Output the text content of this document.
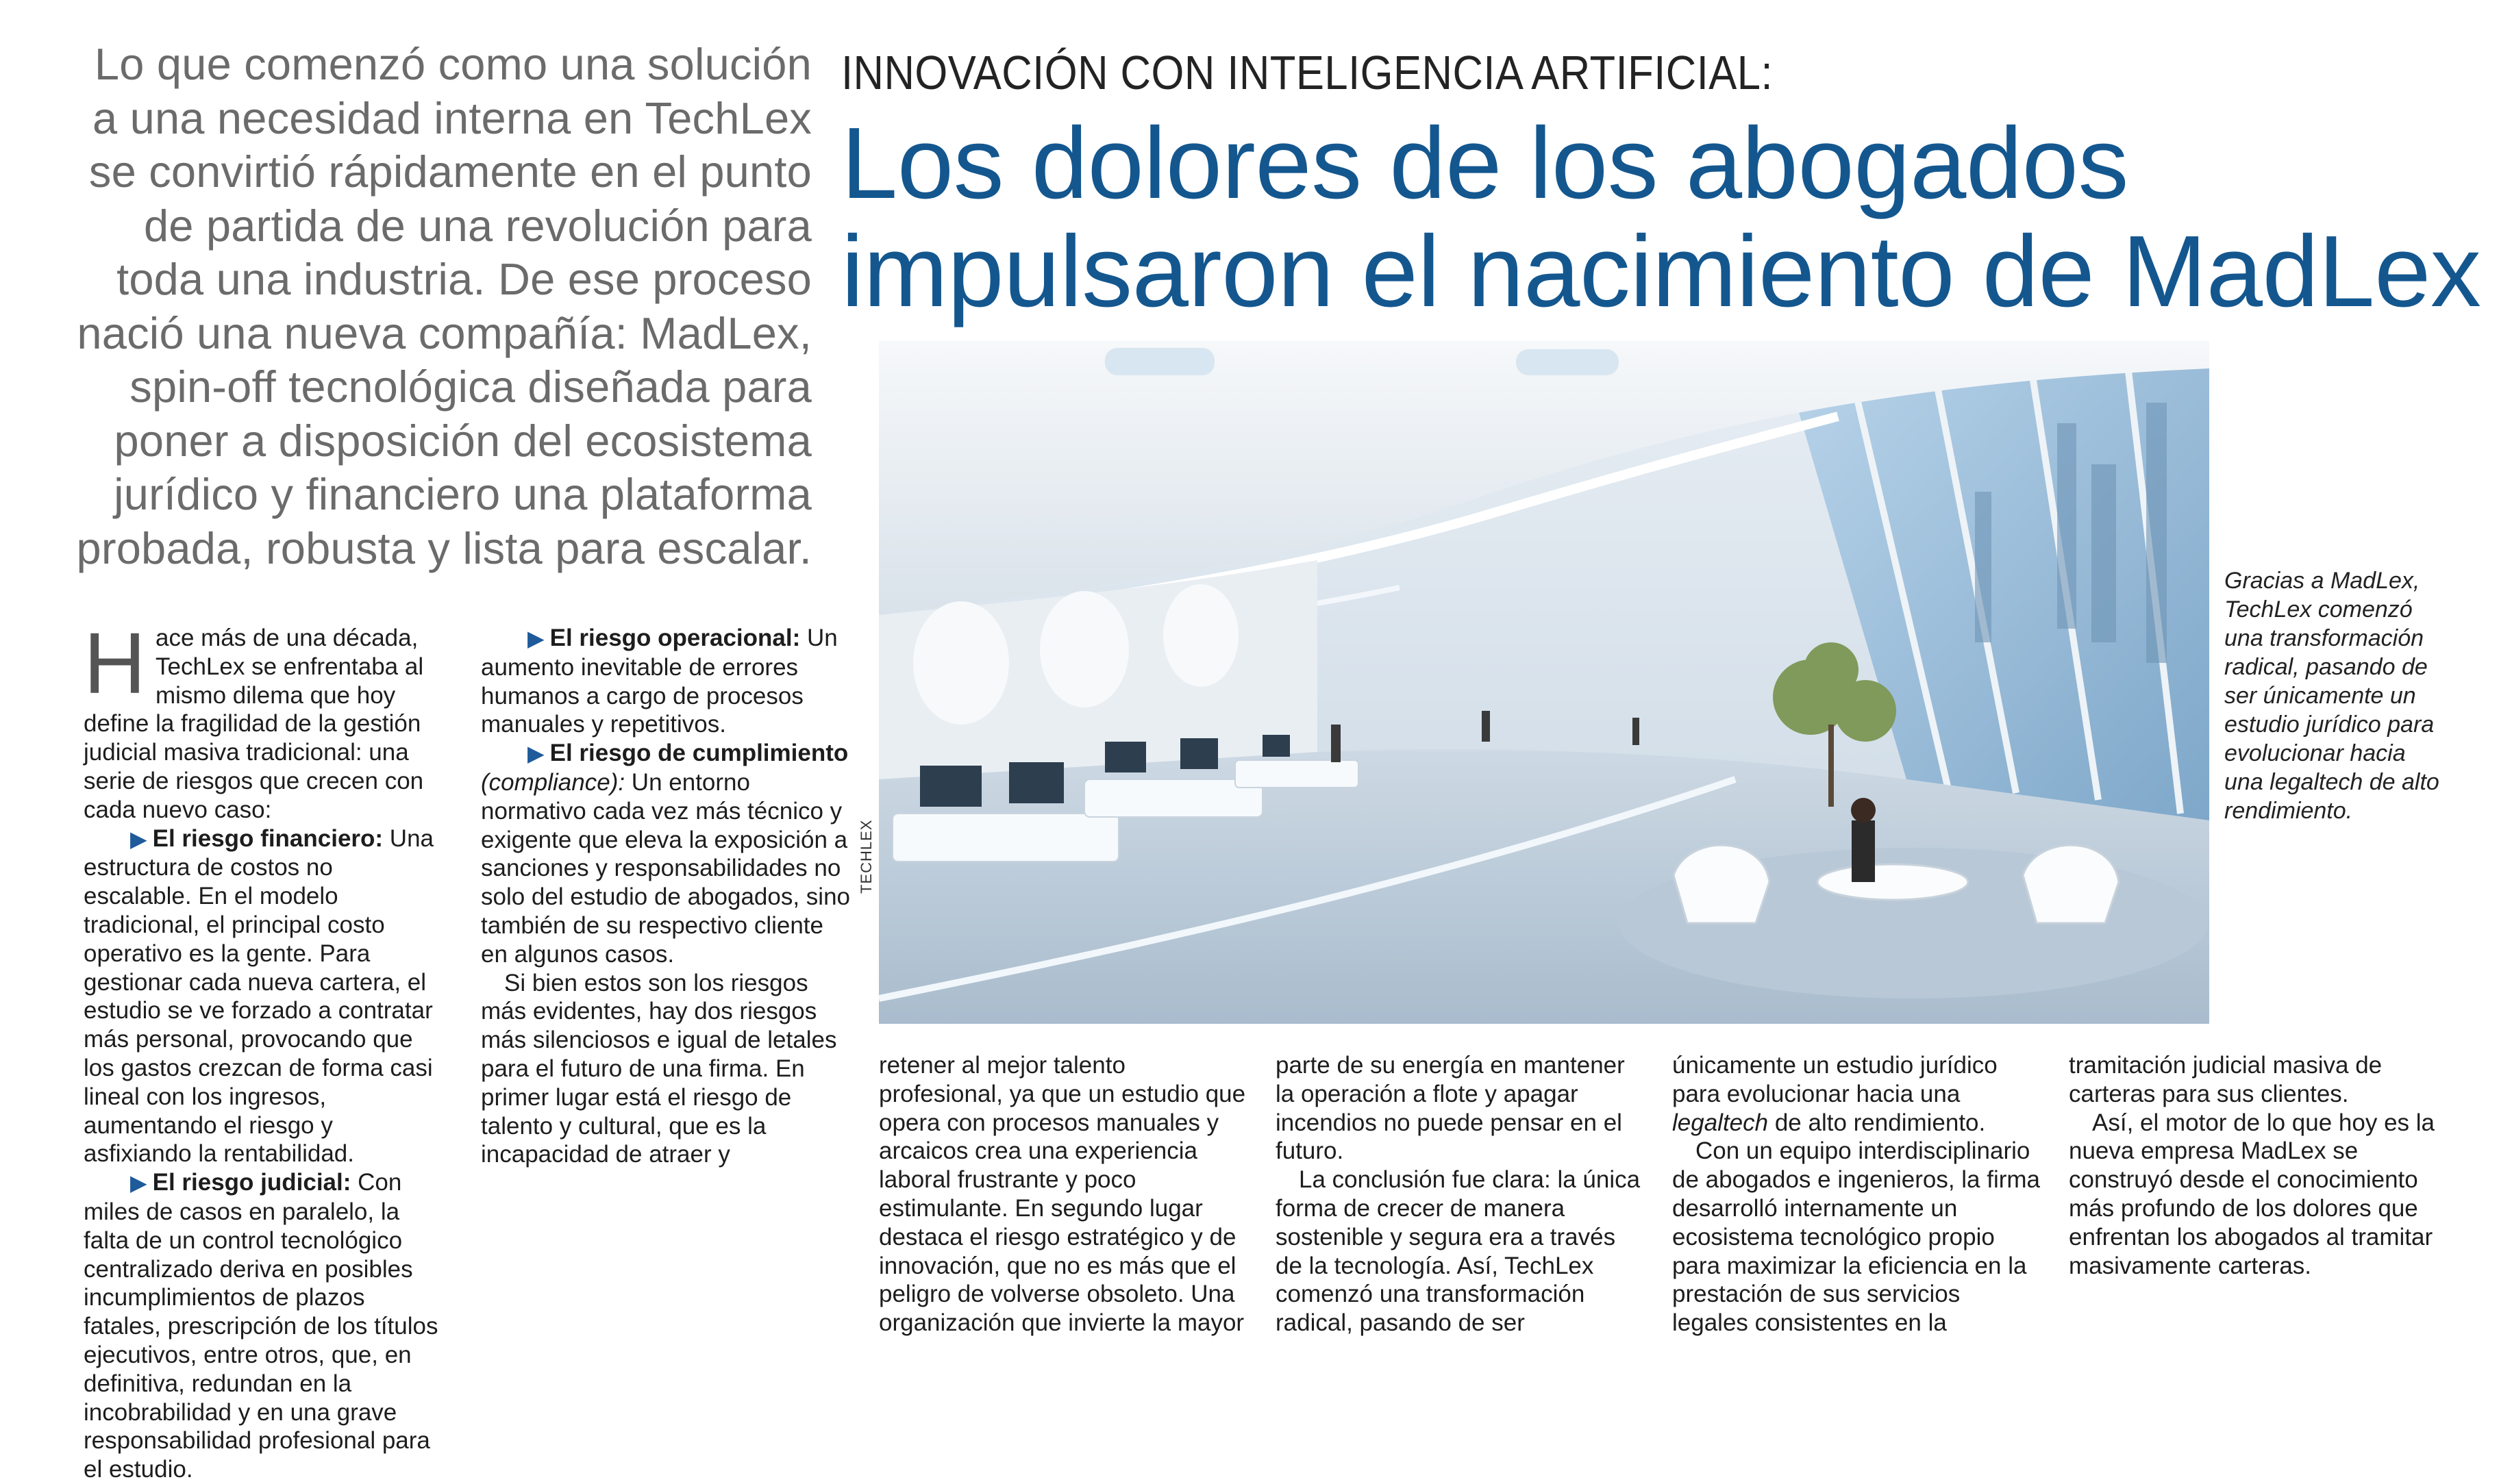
Lo que comenzó como una solución a una necesidad interna en TechLex se convirtió rápidamente en el punto de partida de una revolución para toda una industria. De ese proceso nació una nueva compañía: MadLex, spin-off tecnológica diseñada para poner a disposición del ecosistema jurídico y financiero una plataforma probada, robusta y lista para escalar.
INNOVACIÓN CON INTELIGENCIA ARTIFICIAL:
Los dolores de los abogados
impulsaron el nacimiento de MadLex
TECHLEX
Gracias a MadLex, TechLex comenzó una transformación radical, pasando de ser únicamente un estudio jurídico para evolucionar hacia una legaltech de alto rendimiento.

Hace más de una década, TechLex se enfrentaba al mismo dilema que hoy define la fragilidad de la gestión judicial masiva tradicional: una serie de riesgos que crecen con cada nuevo caso:

▶ El riesgo financiero: Una estructura de costos no escalable. En el modelo tradicional, el principal costo operativo es la gente. Para gestionar cada nueva cartera, el estudio se ve forzado a contratar más personal, provocando que los gastos crezcan de forma casi lineal con los ingresos, aumentando el riesgo y asfixiando la rentabilidad.

▶ El riesgo judicial: Con miles de casos en paralelo, la falta de un control tecnológico centralizado deriva en posibles incumplimientos de plazos fatales, prescripción de los títulos ejecutivos, entre otros, que, en definitiva, redundan en la incobrabilidad y en una grave responsabilidad profesional para el estudio.

▶ El riesgo operacional: Un aumento inevitable de errores humanos a cargo de procesos manuales y repetitivos.

▶ El riesgo de cumplimiento (compliance): Un entorno normativo cada vez más técnico y exigente que eleva la exposición a sanciones y responsabilidades no solo del estudio de abogados, sino también de su respectivo cliente en algunos casos.

Si bien estos son los riesgos más evidentes, hay dos riesgos más silenciosos e igual de letales para el futuro de una firma. En primer lugar está el riesgo de talento y cultural, que es la incapacidad de atraer y

retener al mejor talento profesional, ya que un estudio que opera con procesos manuales y arcaicos crea una experiencia laboral frustrante y poco estimulante. En segundo lugar destaca el riesgo estratégico y de innovación, que no es más que el peligro de volverse obsoleto. Una organización que invierte la mayor

parte de su energía en mantener la operación a flote y apagar incendios no puede pensar en el futuro.

La conclusión fue clara: la única forma de crecer de manera sostenible y segura era a través de la tecnología. Así, TechLex comenzó una transformación radical, pasando de ser

únicamente un estudio jurídico para evolucionar hacia una legaltech de alto rendimiento.

Con un equipo interdisciplinario de abogados e ingenieros, la firma desarrolló internamente un ecosistema tecnológico propio para maximizar la eficiencia en la prestación de sus servicios legales consistentes en la

tramitación judicial masiva de carteras para sus clientes.

Así, el motor de lo que hoy es la nueva empresa MadLex se construyó desde el conocimiento más profundo de los dolores que enfrentan los abogados al tramitar masivamente carteras.
